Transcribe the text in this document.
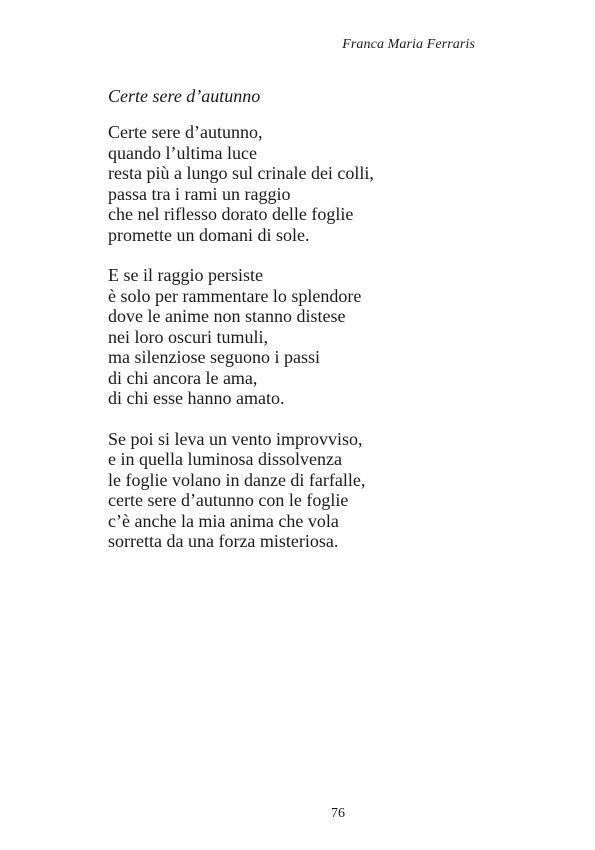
Franca Maria Ferraris
Certe sere d’autunno
Certe sere d’autunno,
quando l’ultima luce
resta più a lungo sul crinale dei colli,
passa tra i rami un raggio
che nel riflesso dorato delle foglie
promette un domani di sole.
E se il raggio persiste
è solo per rammentare lo splendore
dove le anime non stanno distese
nei loro oscuri tumuli,
ma silenziose seguono i passi
di chi ancora le ama,
di chi esse hanno amato.
Se poi si leva un vento improvviso,
e in quella luminosa dissolvenza
le foglie volano in danze di farfalle,
certe sere d’autunno con le foglie
c’è anche la mia anima che vola
sorretta da una forza misteriosa.
76
